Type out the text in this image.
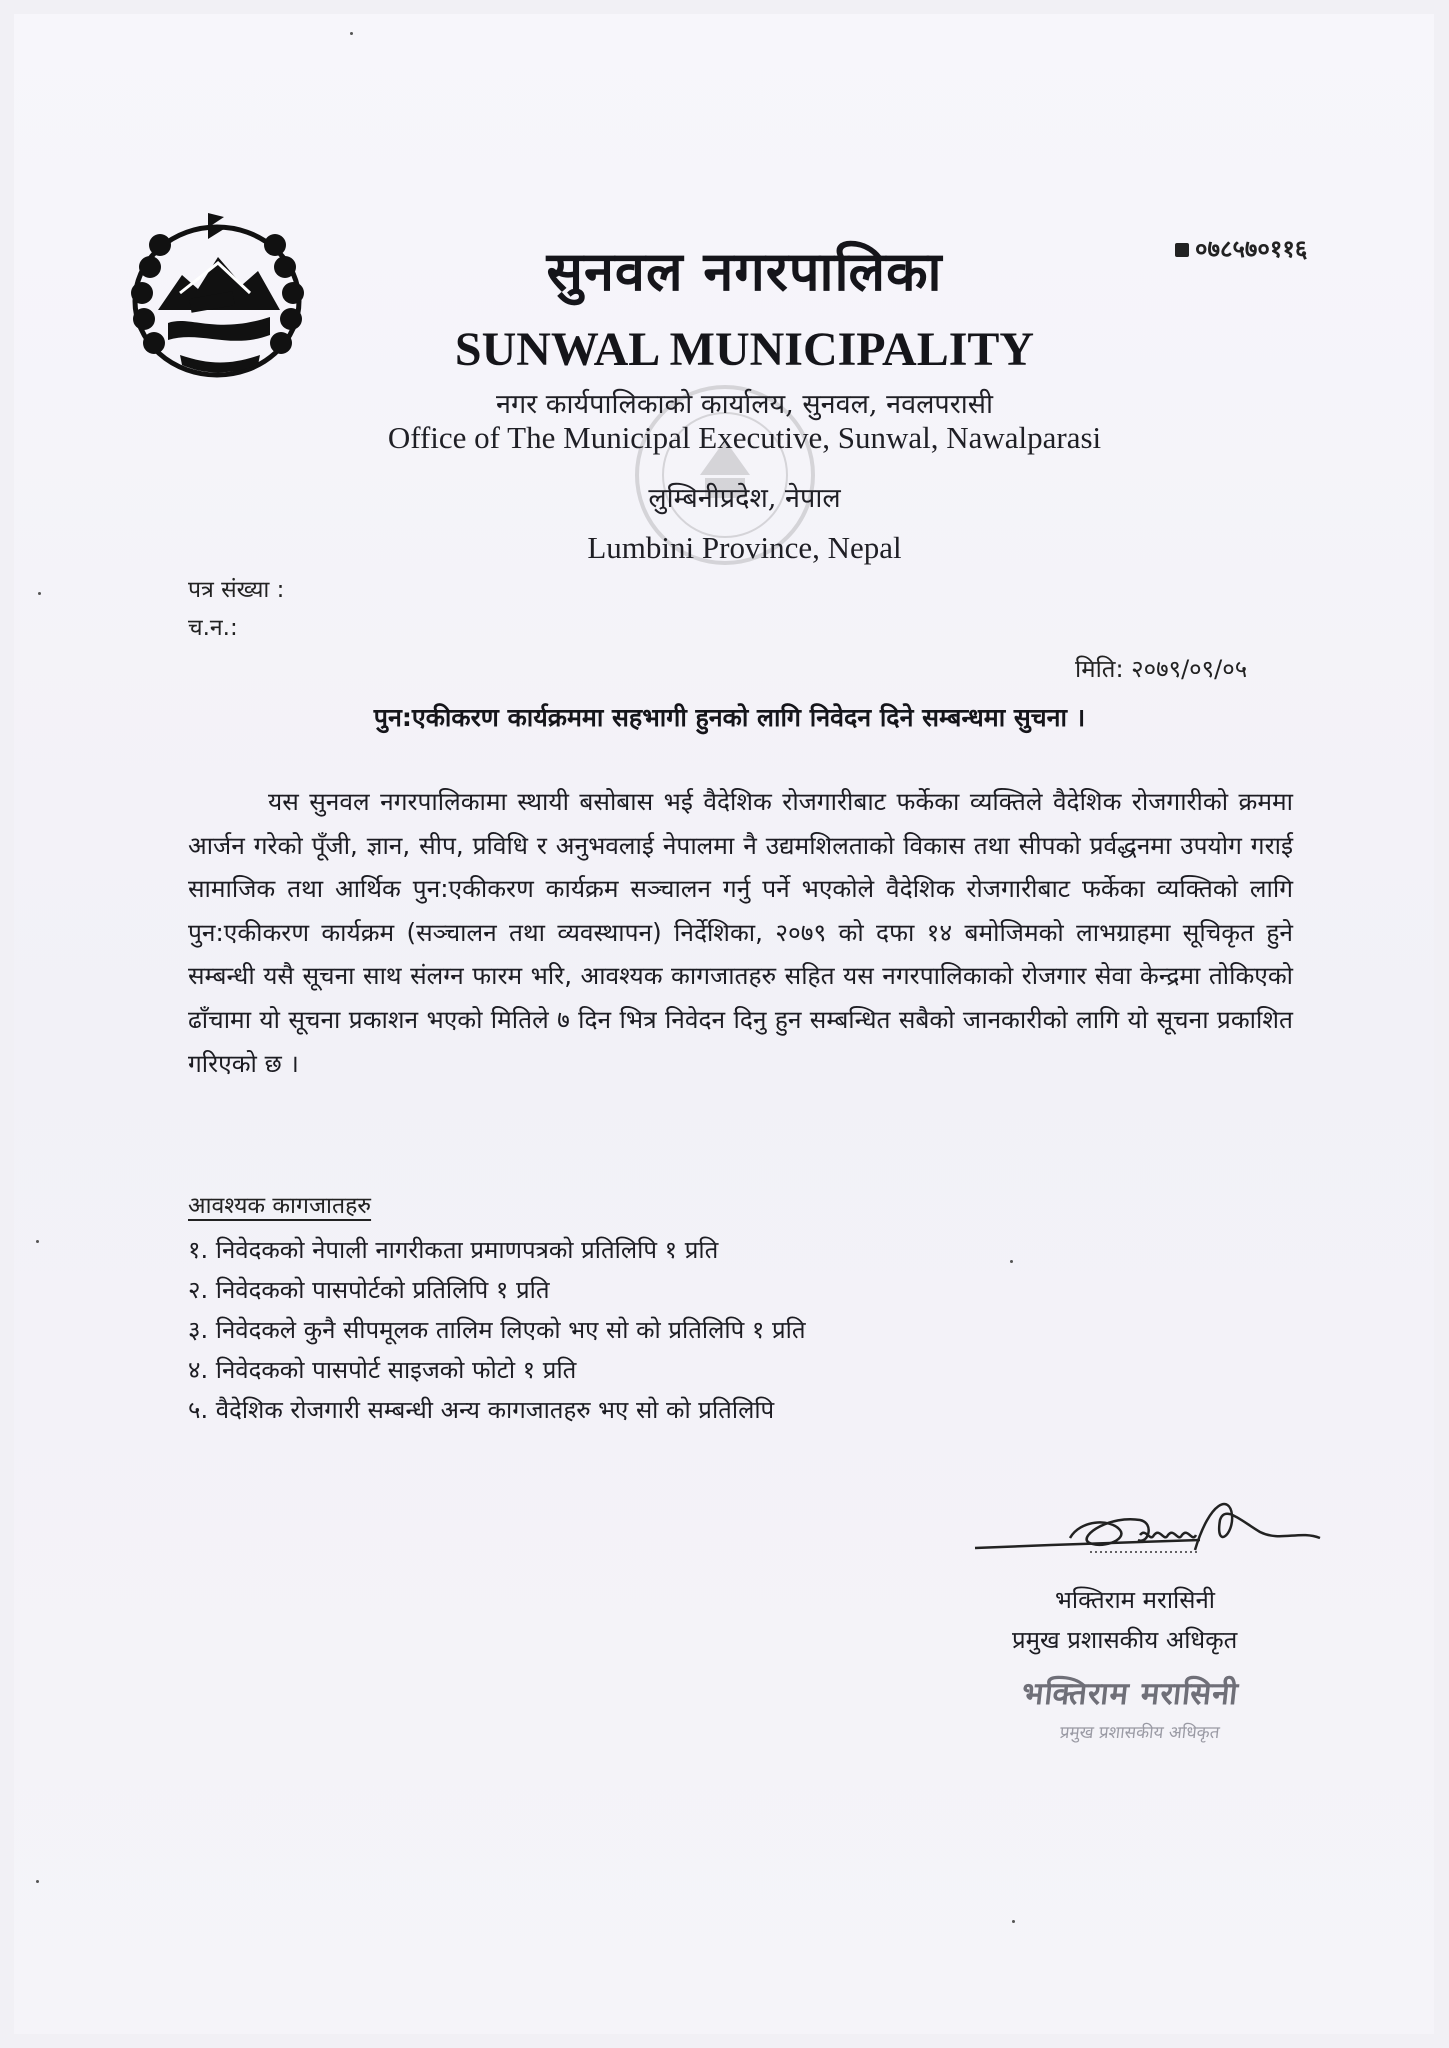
सुनवल नगरपालिका
SUNWAL MUNICIPALITY
नगर कार्यपालिकाको कार्यालय, सुनवल, नवलपरासी
Office of The Municipal Executive, Sunwal, Nawalparasi
लुम्बिनीप्रदेश, नेपाल
Lumbini Province, Nepal
०७८५७०११६
पत्र संख्या :
च.न.:
मिति: २०७९/०९/०५
पुन:एकीकरण कार्यक्रममा सहभागी हुनको लागि निवेदन दिने सम्बन्धमा सुचना ।
यस सुनवल नगरपालिकामा स्थायी बसोबास भई वैदेशिक रोजगारीबाट फर्केका व्यक्तिले वैदेशिक रोजगारीको क्रममा आर्जन गरेको पूँजी, ज्ञान, सीप, प्रविधि र अनुभवलाई नेपालमा नै उद्यमशिलताको विकास तथा सीपको प्रर्वद्धनमा उपयोग गराई सामाजिक तथा आर्थिक पुन:एकीकरण कार्यक्रम सञ्चालन गर्नु पर्ने भएकोले वैदेशिक रोजगारीबाट फर्केका व्यक्तिको लागि पुन:एकीकरण कार्यक्रम (सञ्चालन तथा व्यवस्थापन) निर्देशिका, २०७९ को दफा १४ बमोजिमको लाभग्राहमा सूचिकृत हुने सम्बन्धी यसै सूचना साथ संलग्न फारम भरि, आवश्यक कागजातहरु सहित यस नगरपालिकाको रोजगार सेवा केन्द्रमा तोकिएको ढाँचामा यो सूचना प्रकाशन भएको मितिले ७ दिन भित्र निवेदन दिनु हुन सम्बन्धित सबैको जानकारीको लागि यो सूचना प्रकाशित गरिएको छ ।
आवश्यक कागजातहरु
१. निवेदकको नेपाली नागरीकता प्रमाणपत्रको प्रतिलिपि १ प्रति
२. निवेदकको पासपोर्टको प्रतिलिपि १ प्रति
३. निवेदकले कुनै सीपमूलक तालिम लिएको भए सो को प्रतिलिपि १ प्रति
४. निवेदकको पासपोर्ट साइजको फोटो १ प्रति
५. वैदेशिक रोजगारी सम्बन्धी अन्य कागजातहरु भए सो को प्रतिलिपि
भक्तिराम मरासिनी
प्रमुख प्रशासकीय अधिकृत
भक्तिराम मरासिनी
प्रमुख प्रशासकीय अधिकृत
